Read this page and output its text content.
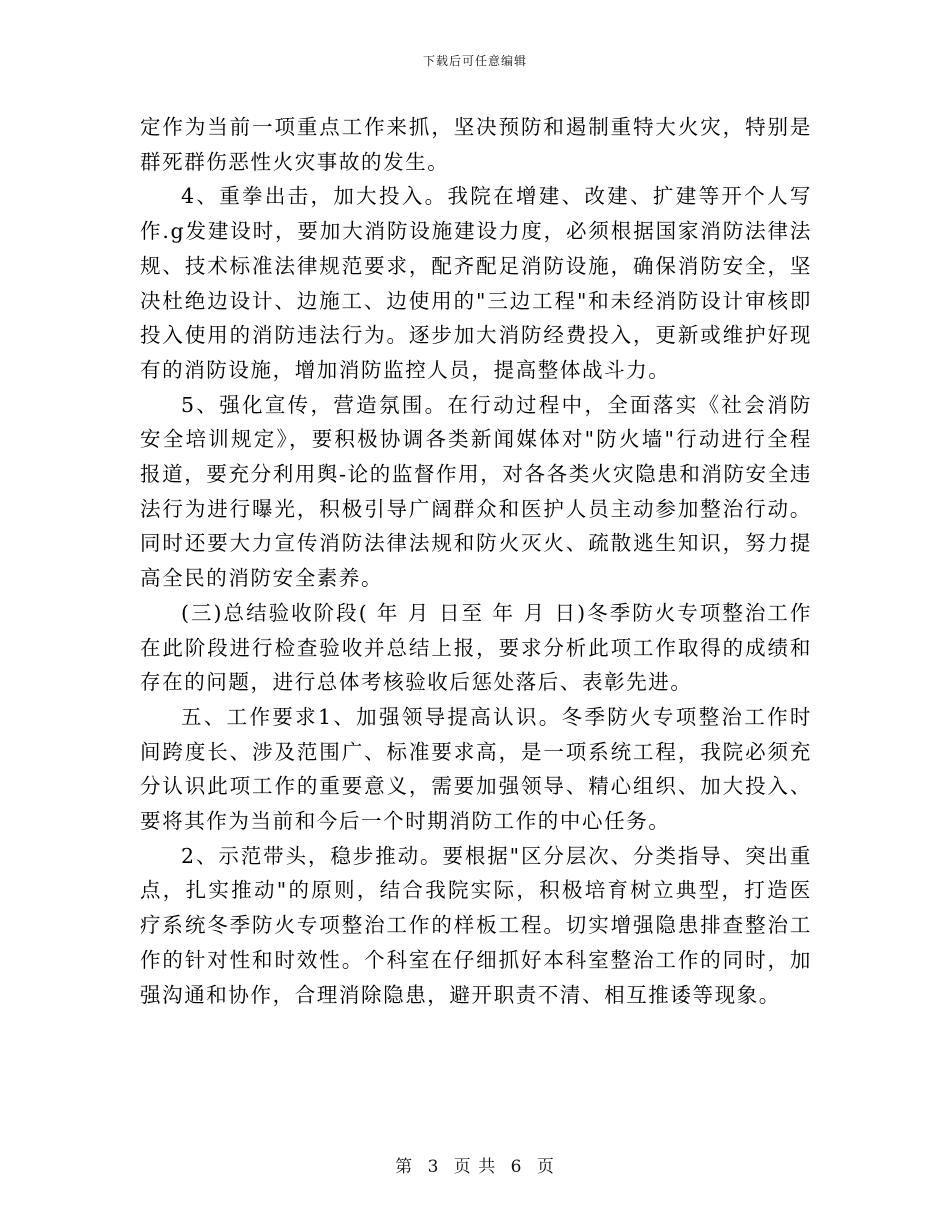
下载后可任意编辑

定作为当前一项重点工作来抓，坚决预防和遏制重特大火灾，特别是群死群伤恶性火灾事故的发生。

4、重拳出击，加大投入。我院在增建、改建、扩建等开个人写作.g发建设时，要加大消防设施建设力度，必须根据国家消防法律法规、技术标准法律规范要求，配齐配足消防设施，确保消防安全，坚决杜绝边设计、边施工、边使用的"三边工程"和未经消防设计审核即投入使用的消防违法行为。逐步加大消防经费投入，更新或维护好现有的消防设施，增加消防监控人员，提高整体战斗力。

5、强化宣传，营造氛围。在行动过程中，全面落实《社会消防安全培训规定》，要积极协调各类新闻媒体对"防火墙"行动进行全程报道，要充分利用舆-论的监督作用，对各各类火灾隐患和消防安全违法行为进行曝光，积极引导广阔群众和医护人员主动参加整治行动。同时还要大力宣传消防法律法规和防火灭火、疏散逃生知识，努力提高全民的消防安全素养。

(三)总结验收阶段( 年 月 日至 年 月 日)冬季防火专项整治工作在此阶段进行检查验收并总结上报，要求分析此项工作取得的成绩和存在的问题，进行总体考核验收后惩处落后、表彰先进。

五、工作要求1、加强领导提高认识。冬季防火专项整治工作时间跨度长、涉及范围广、标准要求高，是一项系统工程，我院必须充分认识此项工作的重要意义，需要加强领导、精心组织、加大投入、要将其作为当前和今后一个时期消防工作的中心任务。

2、示范带头，稳步推动。要根据"区分层次、分类指导、突出重点，扎实推动"的原则，结合我院实际，积极培育树立典型，打造医疗系统冬季防火专项整治工作的样板工程。切实增强隐患排查整治工作的针对性和时效性。个科室在仔细抓好本科室整治工作的同时，加强沟通和协作，合理消除隐患，避开职责不清、相互推诿等现象。

第 3 页 共 6 页
